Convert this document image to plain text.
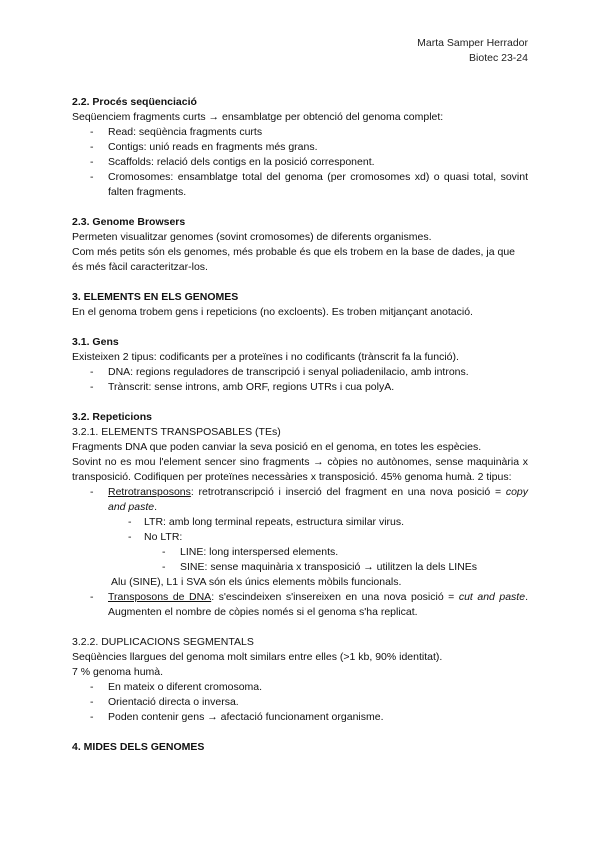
Marta Samper Herrador
Biotec 23-24

2.2. Procés seqüenciació

Seqüenciem fragments curts → ensamblatge per obtenció del genoma complet:

- Read: seqüència fragments curts
- Contigs: unió reads en fragments més grans.
- Scaffolds: relació dels contigs en la posició corresponent.
- Cromosomes: ensamblatge total del genoma (per cromosomes xd) o quasi total, sovint falten fragments.

2.3. Genome Browsers

Permeten visualitzar genomes (sovint cromosomes) de diferents organismes.

Com més petits són els genomes, més probable és que els trobem en la base de dades, ja que és més fàcil caracteritzar-los.

3. ELEMENTS EN ELS GENOMES

En el genoma trobem gens i repeticions (no excloents). Es troben mitjançant anotació.

3.1. Gens

Existeixen 2 tipus: codificants per a proteïnes i no codificants (trànscrit fa la funció).

- DNA: regions reguladores de transcripció i senyal poliadenilacio, amb introns.
- Trànscrit: sense introns, amb ORF, regions UTRs i cua polyA.

3.2. Repeticions

3.2.1. ELEMENTS TRANSPOSABLES (TEs)

Fragments DNA que poden canviar la seva posició en el genoma, en totes les espècies.

Sovint no es mou l'element sencer sino fragments → còpies no autònomes, sense maquinària x transposició. Codifiquen per proteïnes necessàries x transposició. 45% genoma humà. 2 tipus:

- Retrotransposons: retrotranscripció i inserció del fragment en una nova posició = copy and paste.
- LTR: amb long terminal repeats, estructura similar virus.
- No LTR:
- LINE: long interspersed elements.
- SINE: sense maquinària x transposició → utilitzen la dels LINEs
Alu (SINE), L1 i SVA són els únics elements mòbils funcionals.
- Transposons de DNA: s'escindeixen s'insereixen en una nova posició = cut and paste. Augmenten el nombre de còpies només si el genoma s'ha replicat.

3.2.2. DUPLICACIONS SEGMENTALS

Seqüències llargues del genoma molt similars entre elles (>1 kb, 90% identitat).

7 % genoma humà.

- En mateix o diferent cromosoma.
- Orientació directa o inversa.
- Poden contenir gens → afectació funcionament organisme.

4. MIDES DELS GENOMES
